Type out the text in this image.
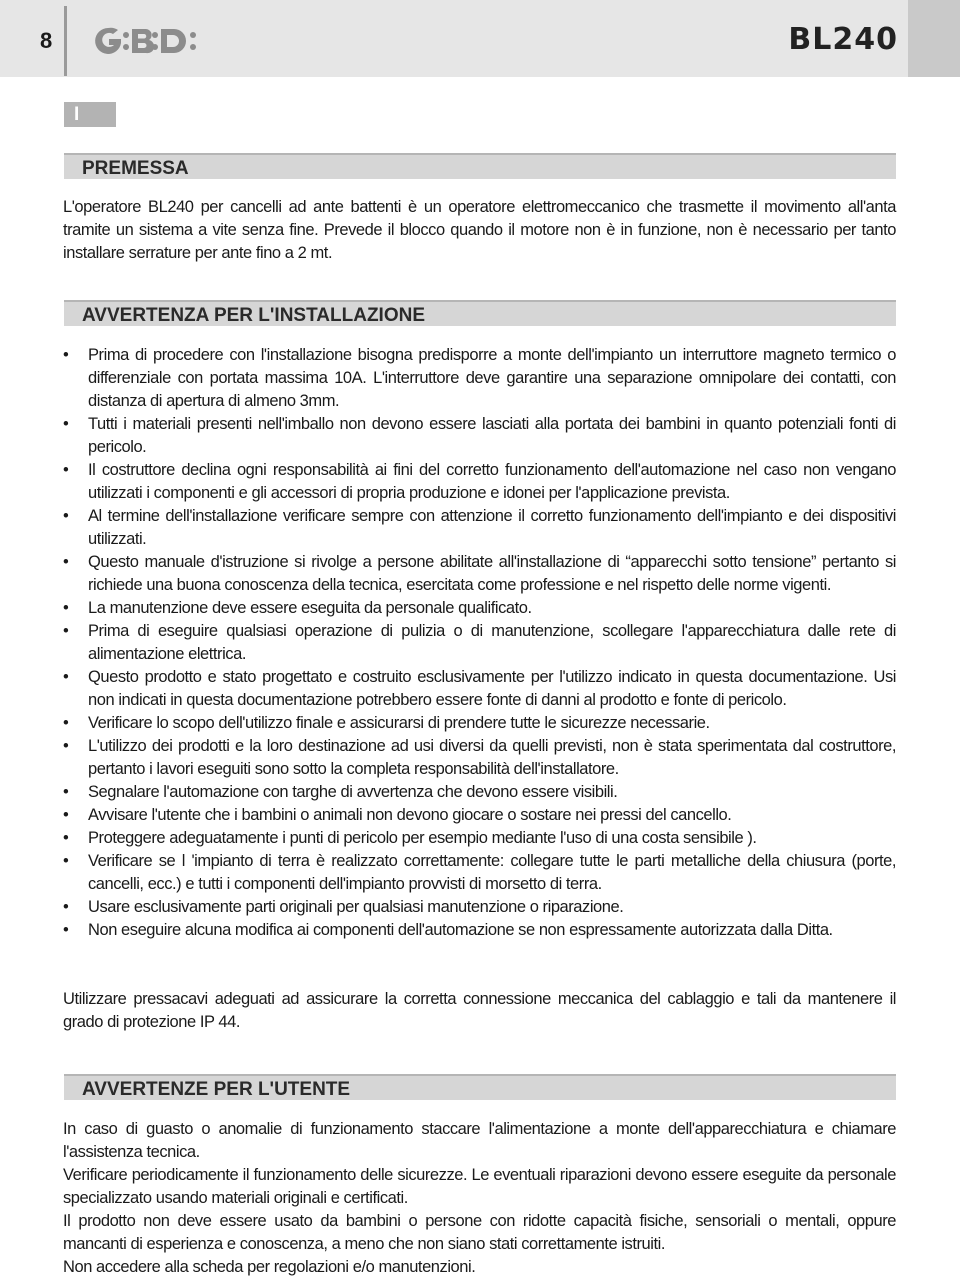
8	BL240
I
PREMESSA

L'operatore BL240 per cancelli ad ante battenti è un operatore elettromeccanico che trasmette il movimento all'anta tramite un sistema a vite senza fine. Prevede il blocco quando il motore non è in funzione, non è necessario per tanto installare serrature per ante fino a 2 mt.

AVVERTENZA PER L'INSTALLAZIONE
• Prima di procedere con l'installazione bisogna predisporre a monte dell'impianto un interruttore magneto termico o differenziale con portata massima 10A. L'interruttore deve garantire una separazione omnipolare dei contatti, con distanza di apertura di almeno 3mm.
• Tutti i materiali presenti nell'imballo non devono essere lasciati alla portata dei bambini in quanto potenziali fonti di pericolo.
• Il costruttore declina ogni responsabilità ai fini del corretto funzionamento dell'automazione nel caso non vengano utilizzati i componenti e gli accessori di propria produzione e idonei per l'applicazione prevista.
• Al termine dell'installazione verificare sempre con attenzione il corretto funzionamento dell'impianto e dei dispositivi utilizzati.
• Questo manuale d'istruzione si rivolge a persone abilitate all'installazione di “apparecchi sotto tensione” pertanto si richiede una buona conoscenza della tecnica, esercitata come professione e nel rispetto delle norme vigenti.
• La manutenzione deve essere eseguita da personale qualificato.
• Prima di eseguire qualsiasi operazione di pulizia o di manutenzione, scollegare l'apparecchiatura dalle rete di alimentazione elettrica.
• Questo prodotto e stato progettato e costruito esclusivamente per l'utilizzo indicato in questa documentazione. Usi non indicati in questa documentazione potrebbero essere fonte di danni al prodotto e fonte di pericolo.
• Verificare lo scopo dell'utilizzo finale e assicurarsi di prendere tutte le sicurezze necessarie.
• L'utilizzo dei prodotti e la loro destinazione ad usi diversi da quelli previsti, non è stata sperimentata dal costruttore, pertanto i lavori eseguiti sono sotto la completa responsabilità dell'installatore.
• Segnalare l'automazione con targhe di avvertenza che devono essere visibili.
• Avvisare l'utente che i bambini o animali non devono giocare o sostare nei pressi del cancello.
• Proteggere adeguatamente i punti di pericolo per esempio mediante l'uso di una costa sensibile ).
• Verificare se l 'impianto di terra è realizzato correttamente: collegare tutte le parti metalliche della chiusura (porte, cancelli, ecc.) e tutti i componenti dell'impianto provvisti di morsetto di terra.
• Usare esclusivamente parti originali per qualsiasi manutenzione o riparazione.
• Non eseguire alcuna modifica ai componenti dell'automazione se non espressamente autorizzata dalla Ditta.

Utilizzare pressacavi adeguati ad assicurare la corretta connessione meccanica del cablaggio e tali da mantenere il grado di protezione IP 44.

AVVERTENZE PER L'UTENTE

In caso di guasto o anomalie di funzionamento staccare l'alimentazione a monte dell'apparecchiatura e chiamare l'assistenza tecnica.

Verificare periodicamente il funzionamento delle sicurezze. Le eventuali riparazioni devono essere eseguite da personale specializzato usando materiali originali e certificati.

Il prodotto non deve essere usato da bambini o persone con ridotte capacità fisiche, sensoriali o mentali, oppure mancanti di esperienza e conoscenza, a meno che non siano stati correttamente istruiti.

Non accedere alla scheda per regolazioni e/o manutenzioni.
